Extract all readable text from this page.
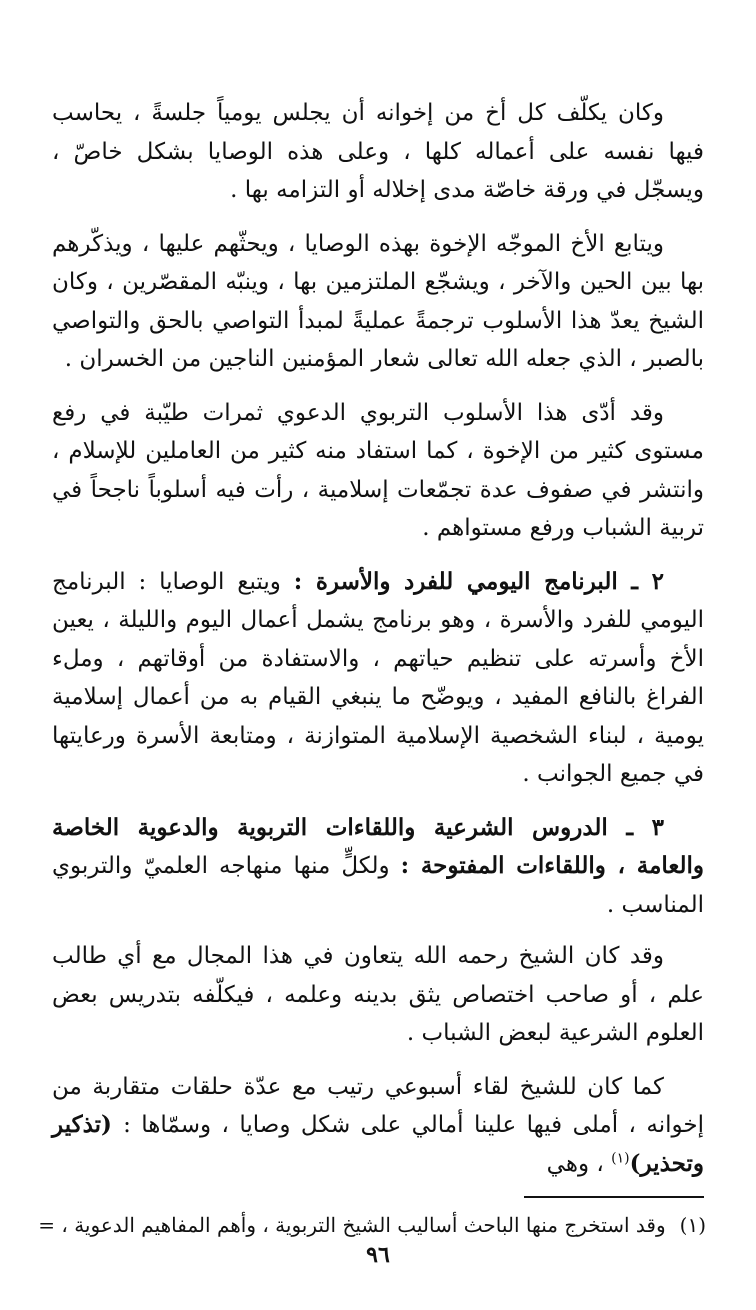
وكان يكلّف كل أخ من إخوانه أن يجلس يومياً جلسةً ، يحاسب فيها نفسه على أعماله كلها ، وعلى هذه الوصايا بشكل خاصّ ، ويسجّل في ورقة خاصّة مدى إخلاله أو التزامه بها .

ويتابع الأخ الموجّه الإخوة بهذه الوصايا ، ويحثّهم عليها ، ويذكّرهم بها بين الحين والآخر ، ويشجّع الملتزمين بها ، وينبّه المقصّرين ، وكان الشيخ يعدّ هذا الأسلوب ترجمةً عمليةً لمبدأ التواصي بالحق والتواصي بالصبر ، الذي جعله الله تعالى شعار المؤمنين الناجين من الخسران .

وقد أدّى هذا الأسلوب التربوي الدعوي ثمرات طيّبة في رفع مستوى كثير من الإخوة ، كما استفاد منه كثير من العاملين للإسلام ، وانتشر في صفوف عدة تجمّعات إسلامية ، رأت فيه أسلوباً ناجحاً في تربية الشباب ورفع مستواهم .

٢ ـ البرنامج اليومي للفرد والأسرة : ويتبع الوصايا : البرنامج اليومي للفرد والأسرة ، وهو برنامج يشمل أعمال اليوم والليلة ، يعين الأخ وأسرته على تنظيم حياتهم ، والاستفادة من أوقاتهم ، وملء الفراغ بالنافع المفيد ، ويوضّح ما ينبغي القيام به من أعمال إسلامية يومية ، لبناء الشخصية الإسلامية المتوازنة ، ومتابعة الأسرة ورعايتها في جميع الجوانب .

٣ ـ الدروس الشرعية واللقاءات التربوية والدعوية الخاصة والعامة ، واللقاءات المفتوحة : ولكلٍّ منها منهاجه العلميّ والتربوي المناسب .

وقد كان الشيخ رحمه الله يتعاون في هذا المجال مع أي طالب علم ، أو صاحب اختصاص يثق بدينه وعلمه ، فيكلّفه بتدريس بعض العلوم الشرعية لبعض الشباب .

كما كان للشيخ لقاء أسبوعي رتيب مع عدّة حلقات متقاربة من إخوانه ، أملى فيها علينا أمالي على شكل وصايا ، وسمّاها : (تذكير وتحذير)$^{(١)}$ ، وهي

(١)
وقد استخرج منها الباحث أساليب الشيخ التربوية ، وأهم المفاهيم الدعوية ، =
٩٦
